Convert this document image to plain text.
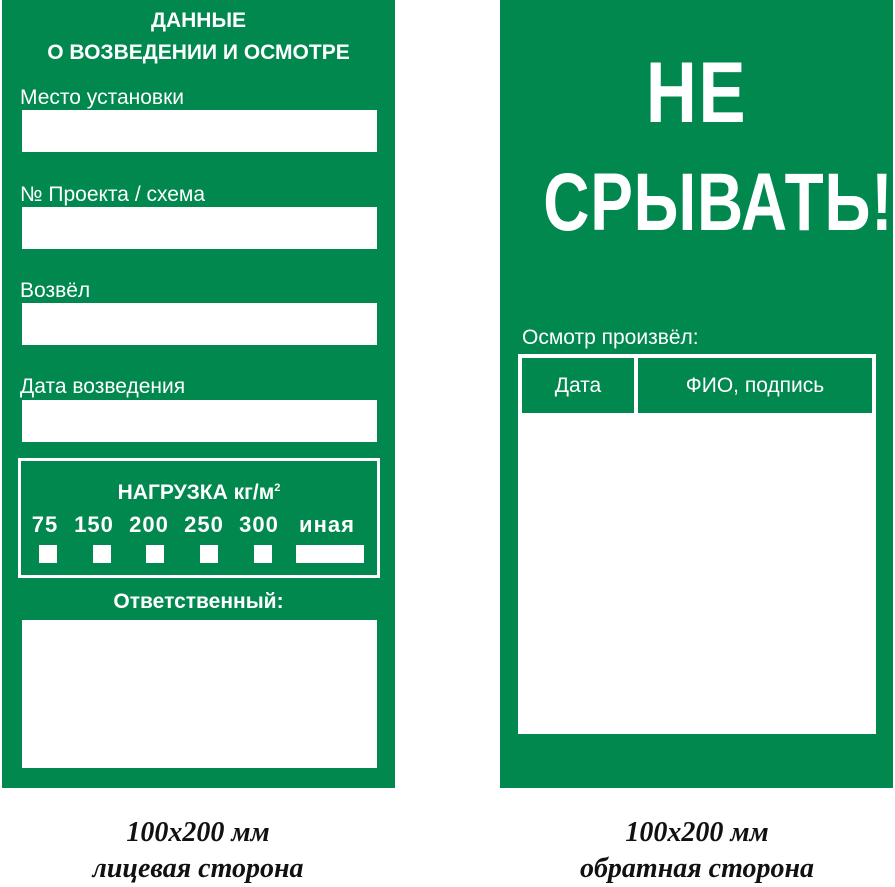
ДАННЫЕ
О ВОЗВЕДЕНИИ И ОСМОТРЕ
Место установки
№ Проекта / схема
Возвёл
Дата возведения
НАГРУЗКА $кг/м^2$
75 150 200 250 300 иная
Ответственный:
НЕ
СРЫВАТЬ!
Осмотр произвёл:
Дата	ФИО, подпись
100х200 мм
лицевая сторона
100х200 мм
обратная сторона
